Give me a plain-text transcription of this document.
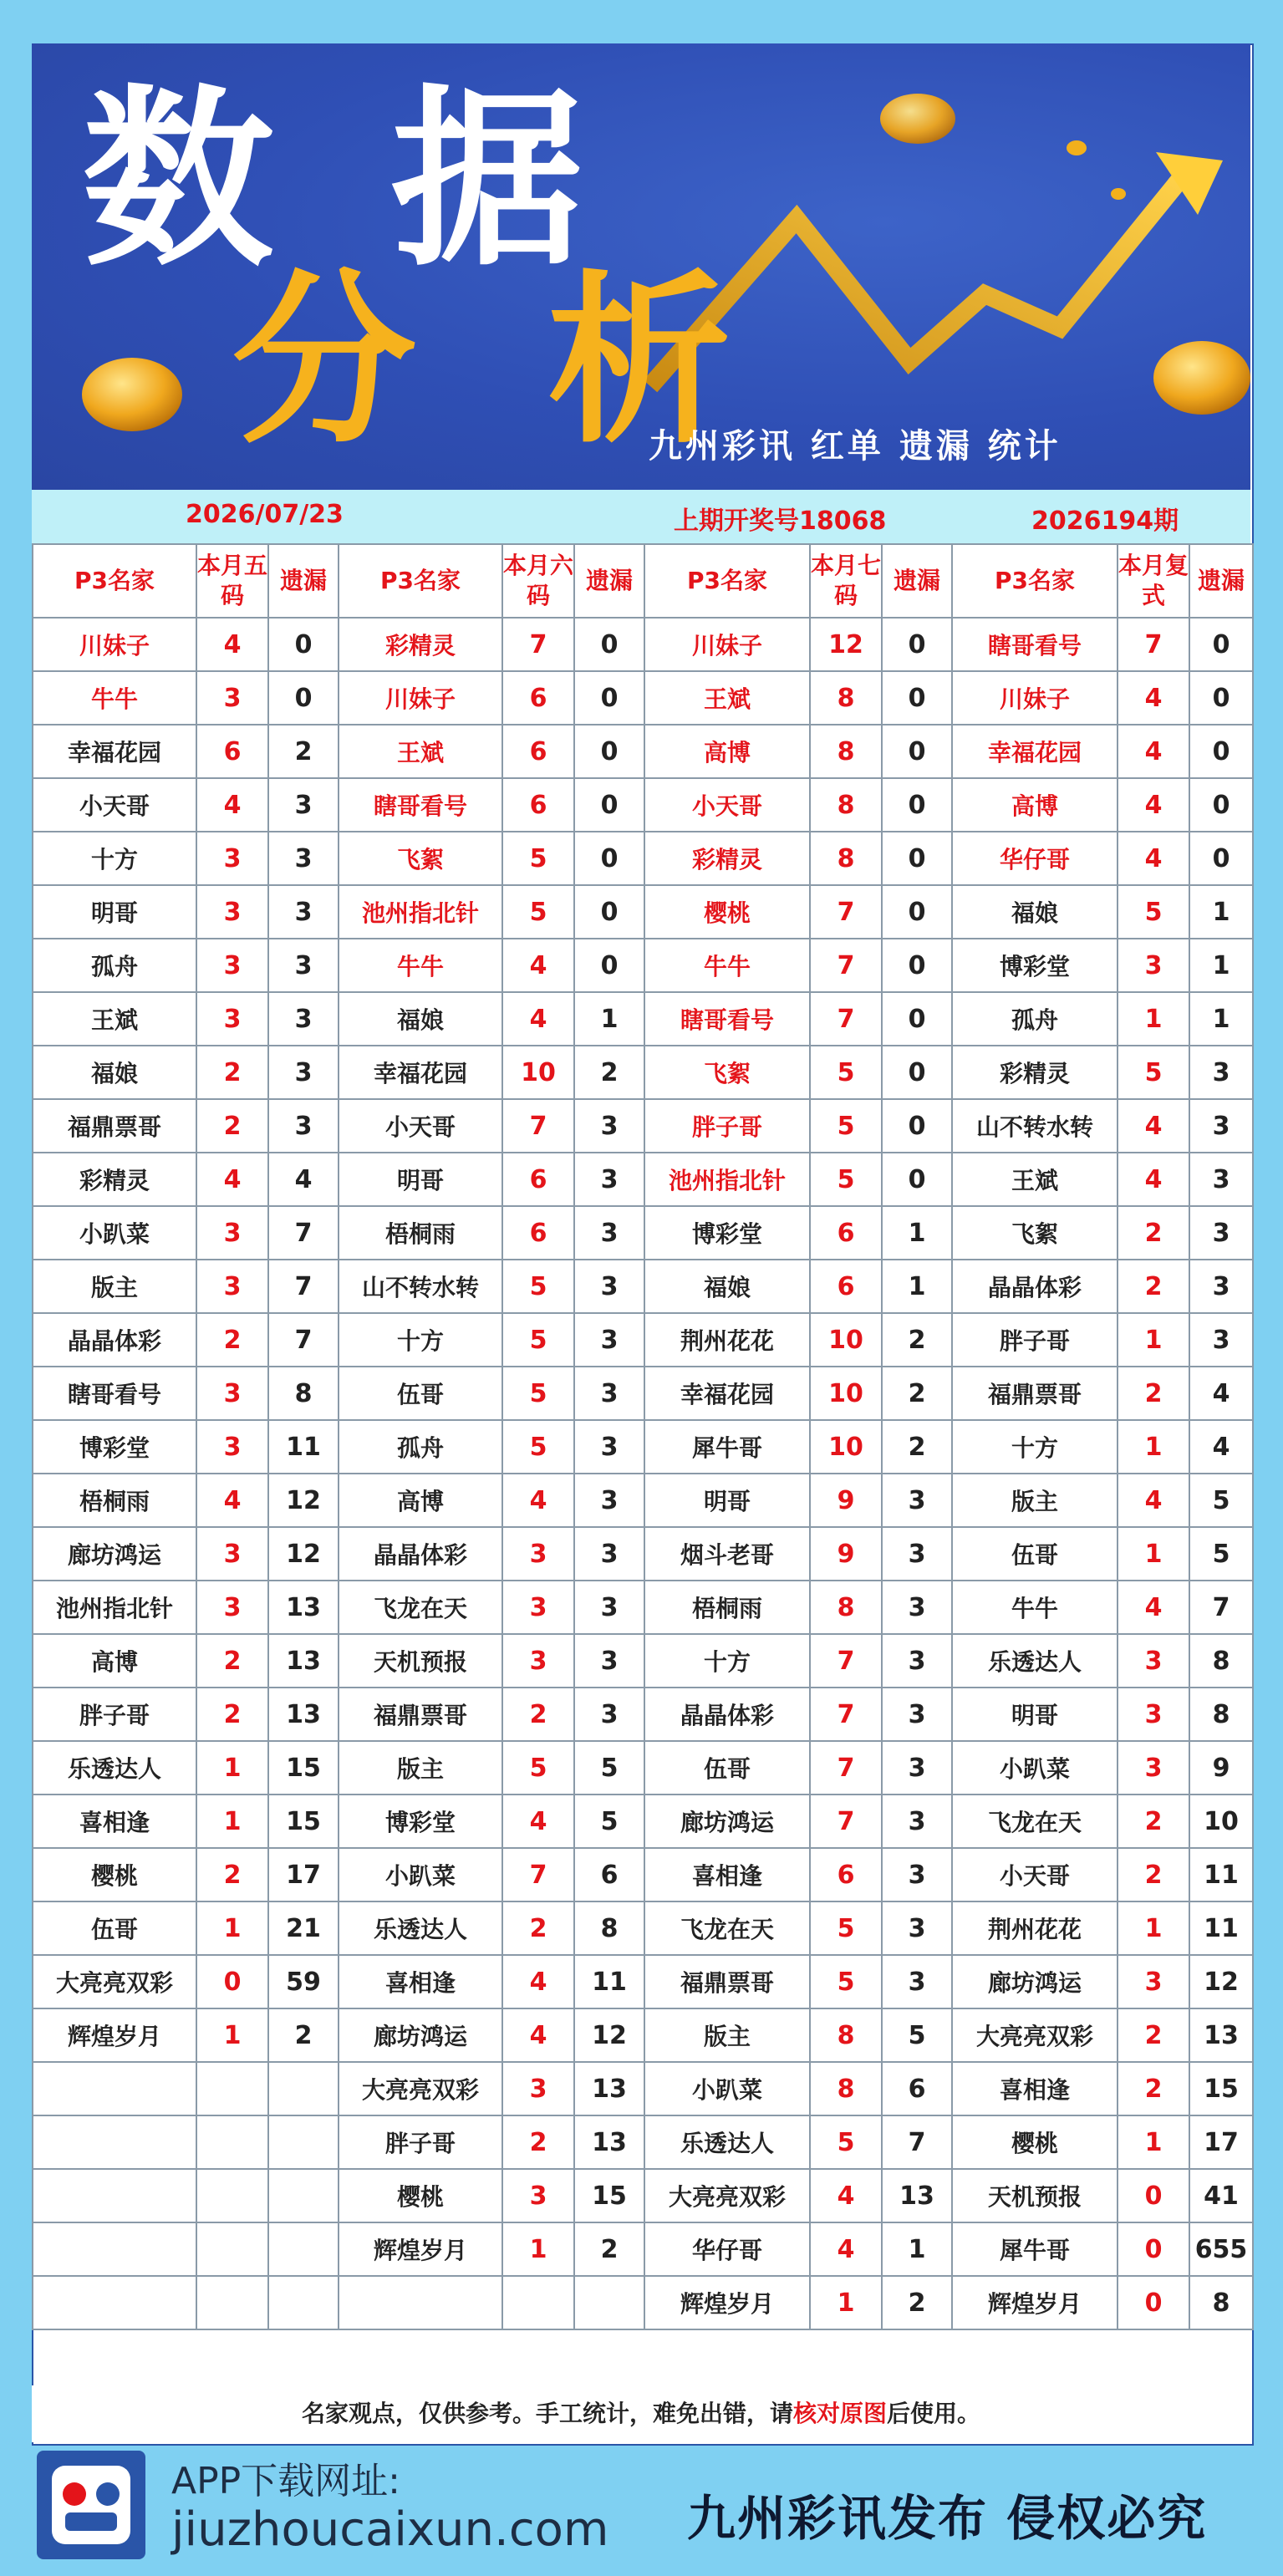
数 据
分 析
九州彩讯 红单 遗漏 统计
2026/07/23	上期开奖号18068	2026194期
P3名家	本月五码	遗漏	P3名家	本月六码	遗漏	P3名家	本月七码	遗漏	P3名家	本月复式	遗漏
川妹子	4	0	彩精灵	7	0	川妹子	12	0	瞎哥看号	7	0
牛牛	3	0	川妹子	6	0	王斌	8	0	川妹子	4	0
幸福花园	6	2	王斌	6	0	高博	8	0	幸福花园	4	0
小天哥	4	3	瞎哥看号	6	0	小天哥	8	0	高博	4	0
十方	3	3	飞絮	5	0	彩精灵	8	0	华仔哥	4	0
明哥	3	3	池州指北针	5	0	樱桃	7	0	福娘	5	1
孤舟	3	3	牛牛	4	0	牛牛	7	0	博彩堂	3	1
王斌	3	3	福娘	4	1	瞎哥看号	7	0	孤舟	1	1
福娘	2	3	幸福花园	10	2	飞絮	5	0	彩精灵	5	3
福鼎票哥	2	3	小天哥	7	3	胖子哥	5	0	山不转水转	4	3
彩精灵	4	4	明哥	6	3	池州指北针	5	0	王斌	4	3
小趴菜	3	7	梧桐雨	6	3	博彩堂	6	1	飞絮	2	3
版主	3	7	山不转水转	5	3	福娘	6	1	晶晶体彩	2	3
晶晶体彩	2	7	十方	5	3	荆州花花	10	2	胖子哥	1	3
瞎哥看号	3	8	伍哥	5	3	幸福花园	10	2	福鼎票哥	2	4
博彩堂	3	11	孤舟	5	3	犀牛哥	10	2	十方	1	4
梧桐雨	4	12	高博	4	3	明哥	9	3	版主	4	5
廊坊鸿运	3	12	晶晶体彩	3	3	烟斗老哥	9	3	伍哥	1	5
池州指北针	3	13	飞龙在天	3	3	梧桐雨	8	3	牛牛	4	7
高博	2	13	天机预报	3	3	十方	7	3	乐透达人	3	8
胖子哥	2	13	福鼎票哥	2	3	晶晶体彩	7	3	明哥	3	8
乐透达人	1	15	版主	5	5	伍哥	7	3	小趴菜	3	9
喜相逢	1	15	博彩堂	4	5	廊坊鸿运	7	3	飞龙在天	2	10
樱桃	2	17	小趴菜	7	6	喜相逢	6	3	小天哥	2	11
伍哥	1	21	乐透达人	2	8	飞龙在天	5	3	荆州花花	1	11
大亮亮双彩	0	59	喜相逢	4	11	福鼎票哥	5	3	廊坊鸿运	3	12
辉煌岁月	1	2	廊坊鸿运	4	12	版主	8	5	大亮亮双彩	2	13
			大亮亮双彩	3	13	小趴菜	8	6	喜相逢	2	15
			胖子哥	2	13	乐透达人	5	7	樱桃	1	17
			樱桃	3	15	大亮亮双彩	4	13	天机预报	0	41
			辉煌岁月	1	2	华仔哥	4	1	犀牛哥	0	655
						辉煌岁月	1	2	辉煌岁月	0	8
名家观点，仅供参考。手工统计，难免出错，请核对原图后使用。
APP下载网址:
jiuzhoucaixun.com 九州彩讯发布 侵权必究
